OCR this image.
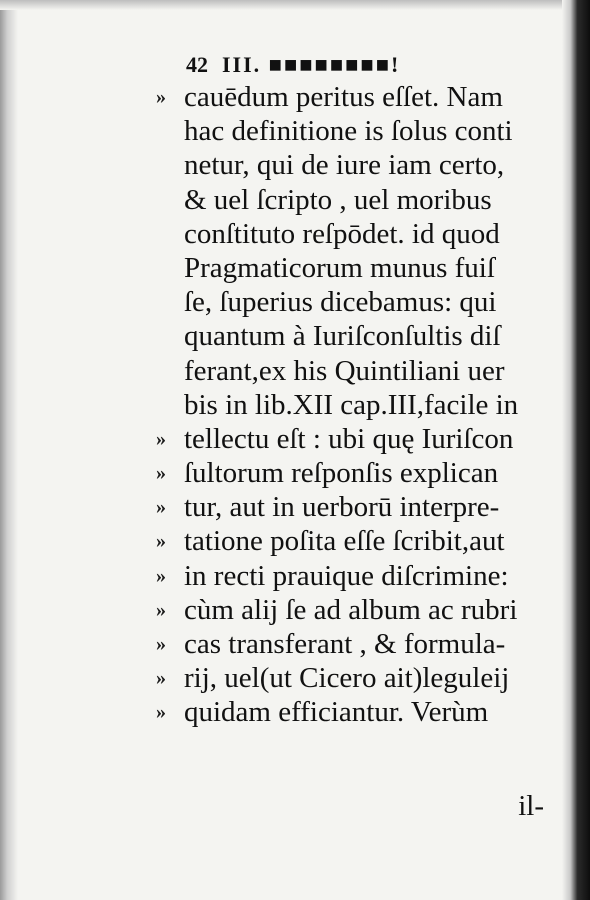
42 III. ■■■■■■■■!
» cauēdum peritus eſſet. Nam
hac definitione is ſolus conti
netur, qui de iure iam certo,
& uel ſcripto , uel moribus
conſtituto reſpōdet. id quod
Pragmaticorum munus fuiſ
ſe, ſuperius dicebamus: qui
quantum à Iuriſconſultis diſ
ferant,ex his Quintiliani uer
bis in lib.XII cap.III,facile in
» tellectu eſt : ubi quę Iuriſcon
» ſultorum reſponſis explican
» tur, aut in uerborū interpre-
» tatione poſita eſſe ſcribit,aut
» in recti prauique diſcrimine:
» cùm alij ſe ad album ac rubri
» cas transferant , & formula-
» rij, uel(ut Cicero ait)leguleij
» quidam efficiantur. Verùm
il-
